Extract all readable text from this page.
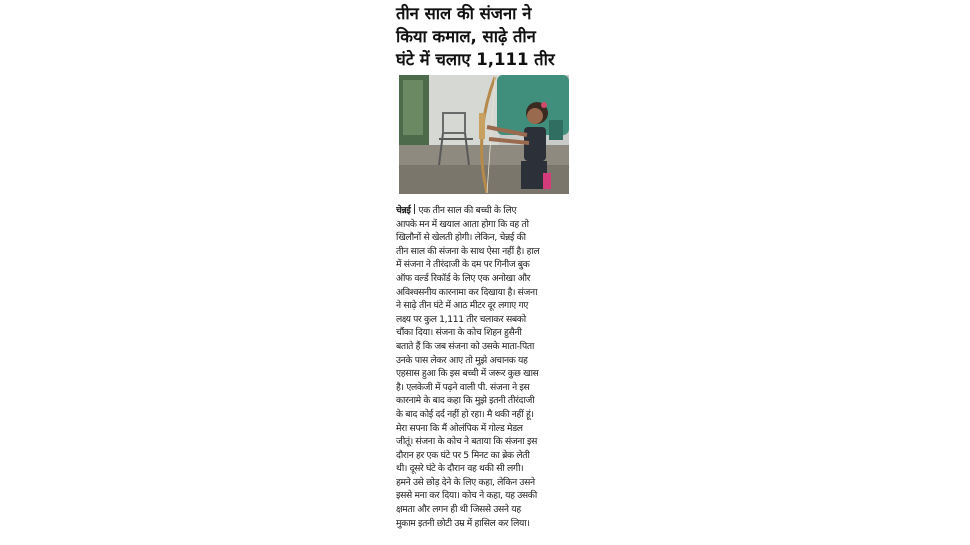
तीन साल की संजना ने
किया कमाल, साढ़े तीन
घंटे में चलाए 1,111 तीर
चेन्नई एक तीन साल की बच्ची के लिए
आपके मन में खयाल आता होगा कि वह तो
खिलौनों से खेलती होगी। लेकिन, चेन्नई की
तीन साल की संजना के साथ ऐसा नहीं है। हाल
में संजना ने तीरंदाजी के दम पर गिनीज बुक
ऑफ वर्ल्ड रिकॉर्ड के लिए एक अनोखा और
अविश्वसनीय कारनामा कर दिखाया है। संजना
ने साढ़े तीन घंटे में आठ मीटर दूर लगाए गए
लक्ष्य पर कुल 1,111 तीर चलाकर सबको
चौंका दिया। संजना के कोच शिहन हुसैनी
बताते हैं कि जब संजना को उसके माता-पिता
उनके पास लेकर आए तो मुझे अचानक यह
एहसास हुआ कि इस बच्ची में जरूर कुछ खास
है। एलकेजी में पढ़ने वाली पी. संजना ने इस
कारनामे के बाद कहा कि मुझे इतनी तीरंदाजी
के बाद कोई दर्द नहीं हो रहा। मै थकी नहीं हूं।
मेरा सपना कि मैं ओलंपिक में गोल्ड मेडल
जीतूं। संजना के कोच ने बताया कि संजना इस
दौरान हर एक घंटे पर 5 मिनट का ब्रेक लेती
थी। दूसरे घंटे के दौरान वह थकी सी लगी।
हमने उसे छोड़ देने के लिए कहा, लेकिन उसने
इससे मना कर दिया। कोच ने कहा, यह उसकी
क्षमता और लगन ही थी जिससे उसने यह
मुकाम इतनी छोटी उम्र में हासिल कर लिया।
